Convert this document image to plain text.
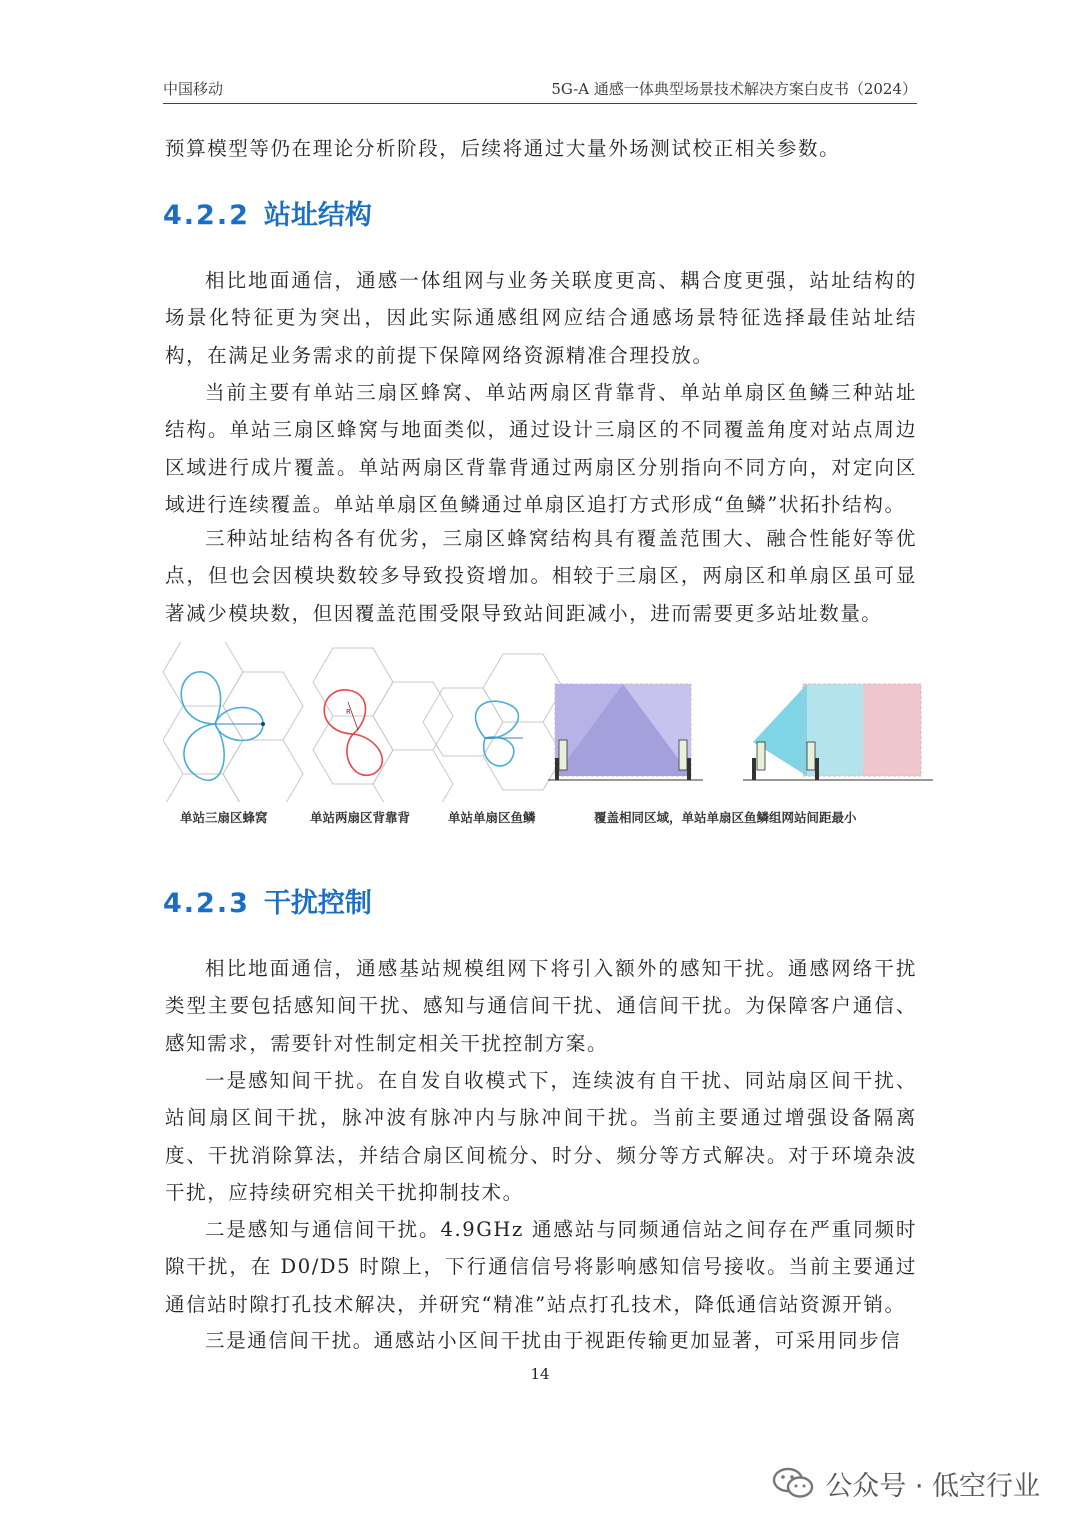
中国移动	5G-A 通感一体典型场景技术解决方案白皮书（2024）

预算模型等仍在理论分析阶段，后续将通过大量外场测试校正相关参数。

4.2.2 站址结构

相比地面通信，通感一体组网与业务关联度更高、耦合度更强，站址结构的场景化特征更为突出，因此实际通感组网应结合通感场景特征选择最佳站址结构，在满足业务需求的前提下保障网络资源精准合理投放。

当前主要有单站三扇区蜂窝、单站两扇区背靠背、单站单扇区鱼鳞三种站址结构。单站三扇区蜂窝与地面类似，通过设计三扇区的不同覆盖角度对站点周边区域进行成片覆盖。单站两扇区背靠背通过两扇区分别指向不同方向，对定向区域进行连续覆盖。单站单扇区鱼鳞通过单扇区追打方式形成“鱼鳞”状拓扑结构。

三种站址结构各有优劣，三扇区蜂窝结构具有覆盖范围大、融合性能好等优点，但也会因模块数较多导致投资增加。相较于三扇区，两扇区和单扇区虽可显著减少模块数，但因覆盖范围受限导致站间距减小，进而需要更多站址数量。

R
单站三扇区蜂窝	单站两扇区背靠背	单站单扇区鱼鳞	覆盖相同区域，单站单扇区鱼鳞组网站间距最小
4.2.3 干扰控制

相比地面通信，通感基站规模组网下将引入额外的感知干扰。通感网络干扰类型主要包括感知间干扰、感知与通信间干扰、通信间干扰。为保障客户通信、感知需求，需要针对性制定相关干扰控制方案。

一是感知间干扰。在自发自收模式下，连续波有自干扰、同站扇区间干扰、站间扇区间干扰，脉冲波有脉冲内与脉冲间干扰。当前主要通过增强设备隔离度、干扰消除算法，并结合扇区间梳分、时分、频分等方式解决。对于环境杂波干扰，应持续研究相关干扰抑制技术。

二是感知与通信间干扰。4.9GHz 通感站与同频通信站之间存在严重同频时隙干扰，在 D0/D5 时隙上，下行通信信号将影响感知信号接收。当前主要通过通信站时隙打孔技术解决，并研究“精准”站点打孔技术，降低通信站资源开销。

三是通信间干扰。通感站小区间干扰由于视距传输更加显著，可采用同步信

14
公众号 · 低空行业
